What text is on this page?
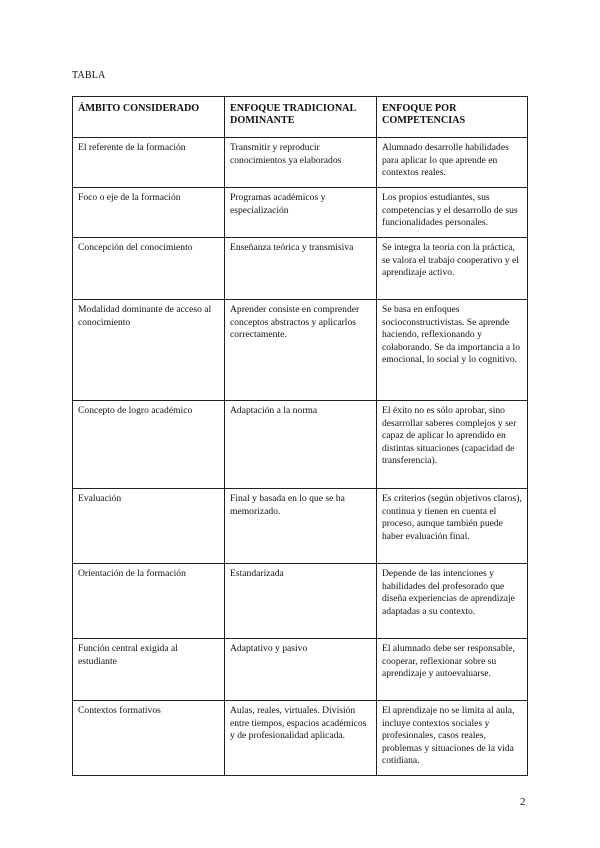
TABLA
ÁMBITO CONSIDERADO	ENFOQUE TRADICIONAL DOMINANTE	ENFOQUE POR COMPETENCIAS
El referente de la formación	Transmitir y reproducir conocimientos ya elaborados	Alumnado desarrolle habilidades para aplicar lo que aprende en contextos reales.
Foco o eje de la formación	Programas académicos y especialización	Los propios estudiantes, sus competencias y el desarrollo de sus funcionalidades personales.
Concepción del conocimiento	Enseñanza teórica y transmisiva	Se integra la teoría con la práctica, se valora el trabajo cooperativo y el aprendizaje activo.
Modalidad dominante de acceso al conocimiento	Aprender consiste en comprender conceptos abstractos y aplicarlos correctamente.	Se basa en enfoques socioconstructivistas. Se aprende haciendo, reflexionando y colaborando. Se da importancia a lo emocional, lo social y lo cognitivo.
Concepto de logro académico	Adaptación a la norma	El éxito no es sólo aprobar, sino desarrollar saberes complejos y ser capaz de aplicar lo aprendido en distintas situaciones (capacidad de transferencia).
Evaluación	Final y basada en lo que se ha memorizado.	Es criterios (según objetivos claros), continua y tienen en cuenta el proceso, aunque también puede haber evaluación final.
Orientación de la formación	Estandarizada	Depende de las intenciones y habilidades del profesorado que diseña experiencias de aprendizaje adaptadas a su contexto.
Función central exigida al estudiante	Adaptativo y pasivo	El alumnado debe ser responsable, cooperar, reflexionar sobre su aprendizaje y autoevaluarse.
Contextos formativos	Aulas, reales, virtuales. División entre tiempos, espacios académicos y de profesionalidad aplicada.	El aprendizaje no se limita al aula, incluye contextos sociales y profesionales, casos reales, problemas y situaciones de la vida cotidiana.
2
